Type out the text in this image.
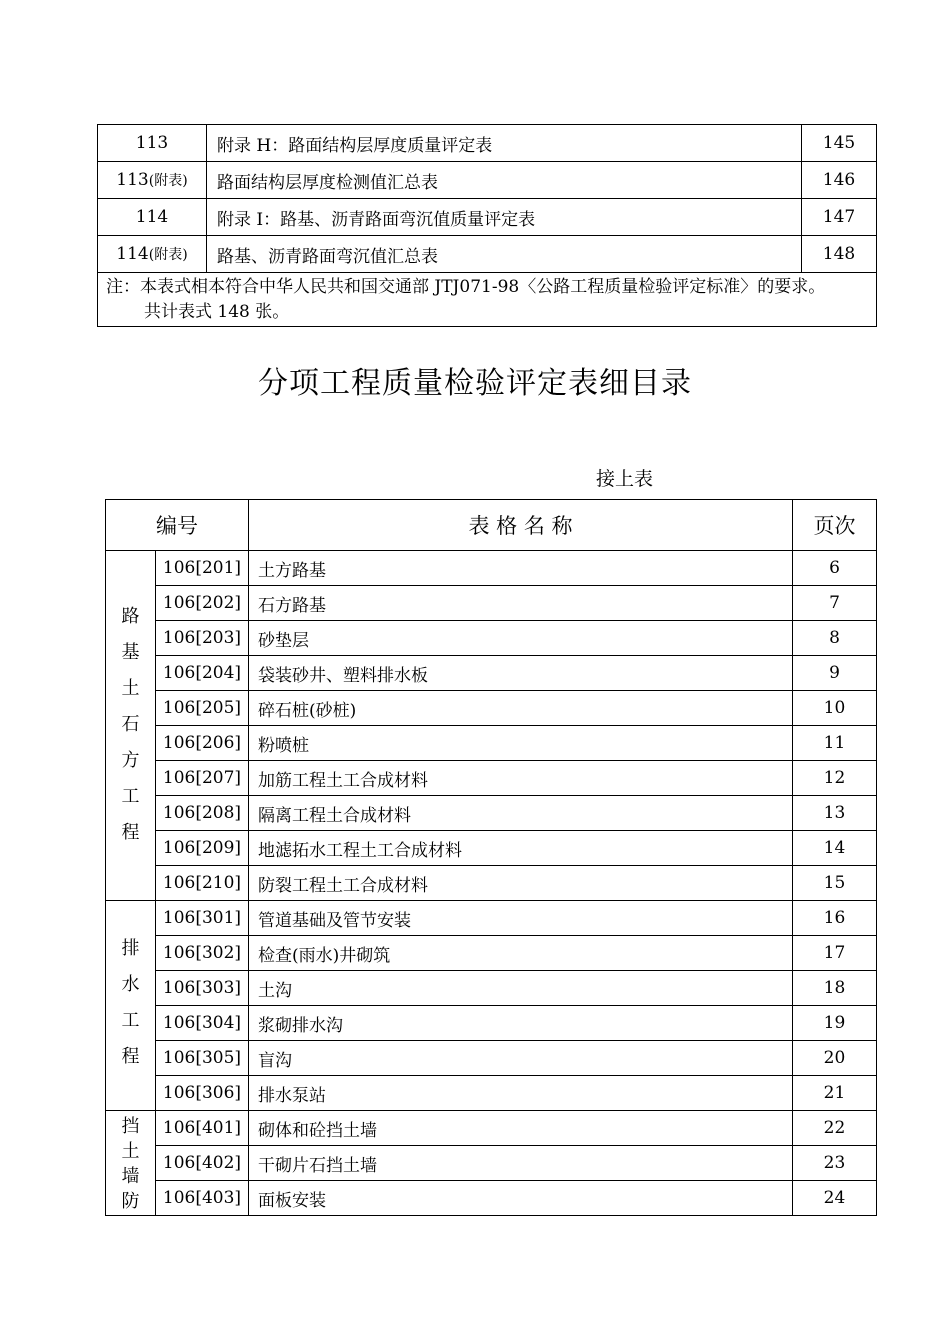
113	附录 H：路面结构层厚度质量评定表	145
113(附表)	路面结构层厚度检测值汇总表	146
114	附录 I：路基、沥青路面弯沉值质量评定表	147
114(附表)	路基、沥青路面弯沉值汇总表	148

注：本表式相本符合中华人民共和国交通部 JTJ071-98〈公路工程质量检验评定标准〉的要求。
共计表式 148 张。		
分项工程质量检验评定表细目录
接上表
编号		表 格 名 称	页次
路基土石方工程	106[201]	土方路基	6
	106[202]	石方路基	7
	106[203]	砂垫层	8
	106[204]	袋装砂井、塑料排水板	9
	106[205]	碎石桩(砂桩)	10
	106[206]	粉喷桩	11
	106[207]	加筋工程土工合成材料	12
	106[208]	隔离工程土合成材料	13
	106[209]	地滤拓水工程土工合成材料	14
	106[210]	防裂工程土工合成材料	15
排水工程	106[301]	管道基础及管节安装	16
	106[302]	检查(雨水)井砌筑	17
	106[303]	土沟	18
	106[304]	浆砌排水沟	19
	106[305]	盲沟	20
	106[306]	排水泵站	21
挡土墙防	106[401]	砌体和砼挡土墙	22
	106[402]	干砌片石挡土墙	23
	106[403]	面板安装	24
